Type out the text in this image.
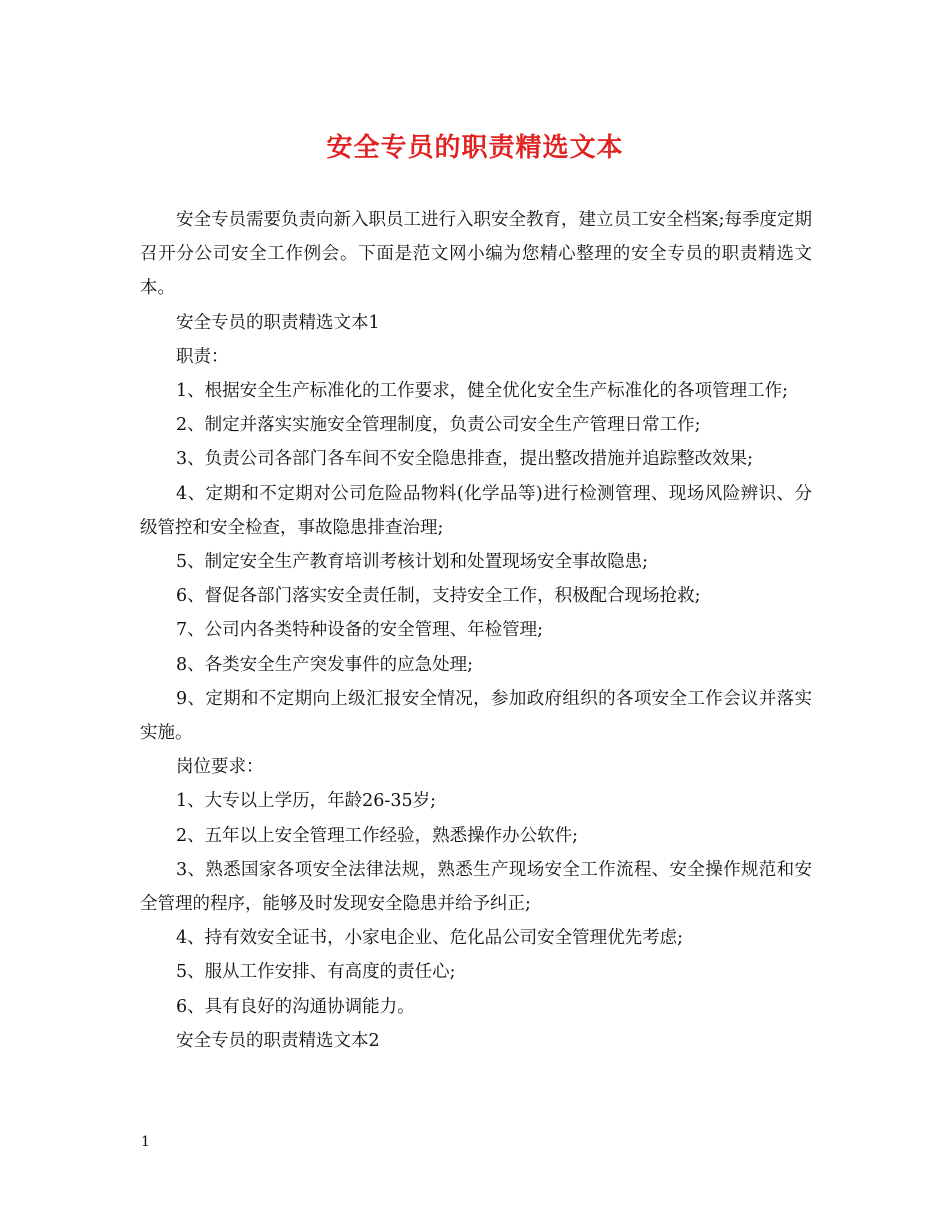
安全专员的职责精选文本

安全专员需要负责向新入职员工进行入职安全教育，建立员工安全档案;每季度定期召开分公司安全工作例会。下面是范文网小编为您精心整理的安全专员的职责精选文本。

安全专员的职责精选文本1

职责：

1、根据安全生产标准化的工作要求，健全优化安全生产标准化的各项管理工作;

2、制定并落实实施安全管理制度，负责公司安全生产管理日常工作;

3、负责公司各部门各车间不安全隐患排查，提出整改措施并追踪整改效果;

4、定期和不定期对公司危险品物料(化学品等)进行检测管理、现场风险辨识、分级管控和安全检查，事故隐患排查治理;

5、制定安全生产教育培训考核计划和处置现场安全事故隐患;

6、督促各部门落实安全责任制，支持安全工作，积极配合现场抢救;

7、公司内各类特种设备的安全管理、年检管理;

8、各类安全生产突发事件的应急处理;

9、定期和不定期向上级汇报安全情况，参加政府组织的各项安全工作会议并落实实施。

岗位要求：

1、大专以上学历，年龄26-35岁;

2、五年以上安全管理工作经验，熟悉操作办公软件;

3、熟悉国家各项安全法律法规，熟悉生产现场安全工作流程、安全操作规范和安全管理的程序，能够及时发现安全隐患并给予纠正;

4、持有效安全证书，小家电企业、危化品公司安全管理优先考虑;

5、服从工作安排、有高度的责任心;

6、具有良好的沟通协调能力。

安全专员的职责精选文本2

1
